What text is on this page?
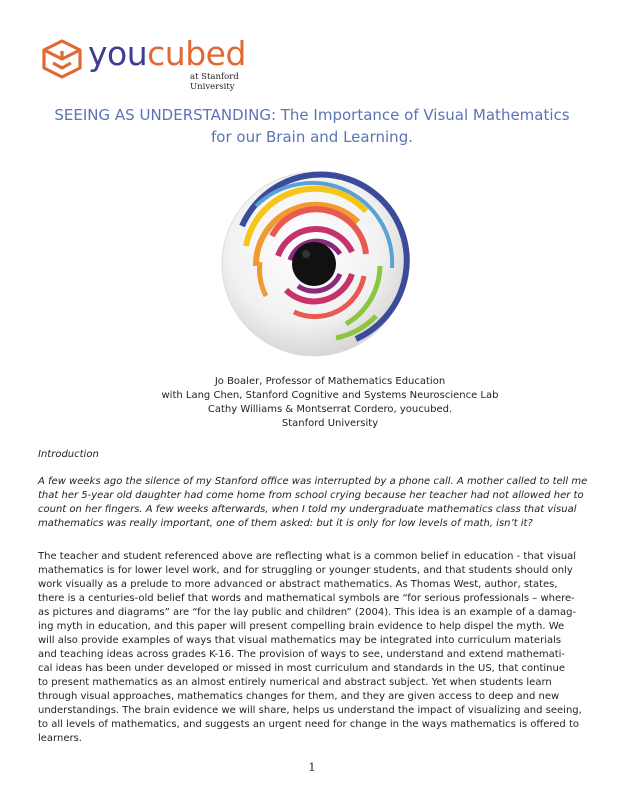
youcubed
at Stanford University
SEEING AS UNDERSTANDING: The Importance of Visual Mathematics
for our Brain and Learning.
Jo Boaler, Professor of Mathematics Education
with Lang Chen, Stanford Cognitive and Systems Neuroscience Lab
Cathy Williams & Montserrat Cordero, youcubed.
Stanford University
Introduction
A few weeks ago the silence of my Stanford office was interrupted by a phone call. A mother called to tell me
that her 5-year old daughter had come home from school crying because her teacher had not allowed her to
count on her fingers. A few weeks afterwards, when I told my undergraduate mathematics class that visual
mathematics was really important, one of them asked: but it is only for low levels of math, isn’t it?
The teacher and student referenced above are reflecting what is a common belief in education - that visual
mathematics is for lower level work, and for struggling or younger students, and that students should only
work visually as a prelude to more advanced or abstract mathematics. As Thomas West, author, states,
there is a centuries-old belief that words and mathematical symbols are “for serious professionals – where-
as pictures and diagrams” are “for the lay public and children” (2004). This idea is an example of a damag-
ing myth in education, and this paper will present compelling brain evidence to help dispel the myth. We
will also provide examples of ways that visual mathematics may be integrated into curriculum materials
and teaching ideas across grades K-16. The provision of ways to see, understand and extend mathemati-
cal ideas has been under developed or missed in most curriculum and standards in the US, that continue
to present mathematics as an almost entirely numerical and abstract subject. Yet when students learn
through visual approaches, mathematics changes for them, and they are given access to deep and new
understandings. The brain evidence we will share, helps us understand the impact of visualizing and seeing,
to all levels of mathematics, and suggests an urgent need for change in the ways mathematics is offered to
learners.
1
